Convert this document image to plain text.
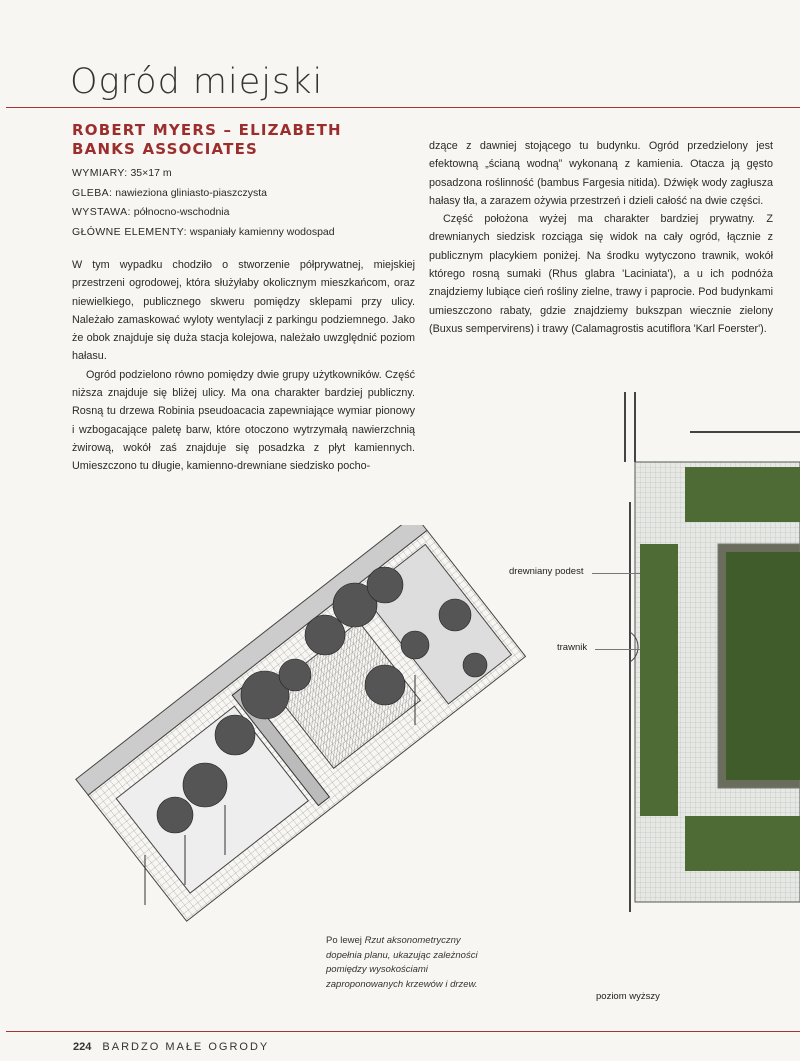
Ogród miejski
ROBERT MYERS – ELIZABETH BANKS ASSOCIATES
WYMIARY: 35×17 m
GLEBA: nawieziona gliniasto-piaszczysta
WYSTAWA: północno-wschodnia
GŁÓWNE ELEMENTY: wspaniały kamienny wodospad

W tym wypadku chodziło o stworzenie półprywatnej, miejskiej przestrzeni ogrodowej, która służyłaby okolicznym mieszkańcom, oraz niewielkiego, publicznego skweru pomiędzy sklepami przy ulicy. Należało zamaskować wyloty wentylacji z parkingu podziemnego. Jako że obok znajduje się duża stacja kolejowa, należało uwzględnić poziom hałasu.

Ogród podzielono równo pomiędzy dwie grupy użytkowników. Część niższa znajduje się bliżej ulicy. Ma ona charakter bardziej publiczny. Rosną tu drzewa Robinia pseudoacacia zapewniające wymiar pionowy i wzbogacające paletę barw, które otoczono wytrzymałą nawierzchnią żwirową, wokół zaś znajduje się posadzka z płyt kamiennych. Umieszczono tu długie, kamienno-drewniane siedzisko pocho-

dzące z dawniej stojącego tu budynku. Ogród przedzielony jest efektowną „ścianą wodną” wykonaną z kamienia. Otacza ją gęsto posadzona roślinność (bambus Fargesia nitida). Dźwięk wody zagłusza hałasy tła, a zarazem ożywia przestrzeń i dzieli całość na dwie części.

Część położona wyżej ma charakter bardziej prywatny. Z drewnianych siedzisk rozciąga się widok na cały ogród, łącznie z publicznym placykiem poniżej. Na środku wytyczono trawnik, wokół którego rosną sumaki (Rhus glabra 'Laciniata'), a u ich podnóża znajdziemy lubiące cień rośliny zielne, trawy i paprocie. Pod budynkami umieszczono rabaty, gdzie znajdziemy bukszpan wiecznie zielony (Buxus sempervirens) i trawy (Calamagrostis acutiflora 'Karl Foerster').

drewniany podest
trawnik
poziom wyższy
Po lewej Rzut aksonometryczny dopełnia planu, ukazując zależności pomiędzy wysokościami zaproponowanych krzewów i drzew.
224 BARDZO MAŁE OGRODY
